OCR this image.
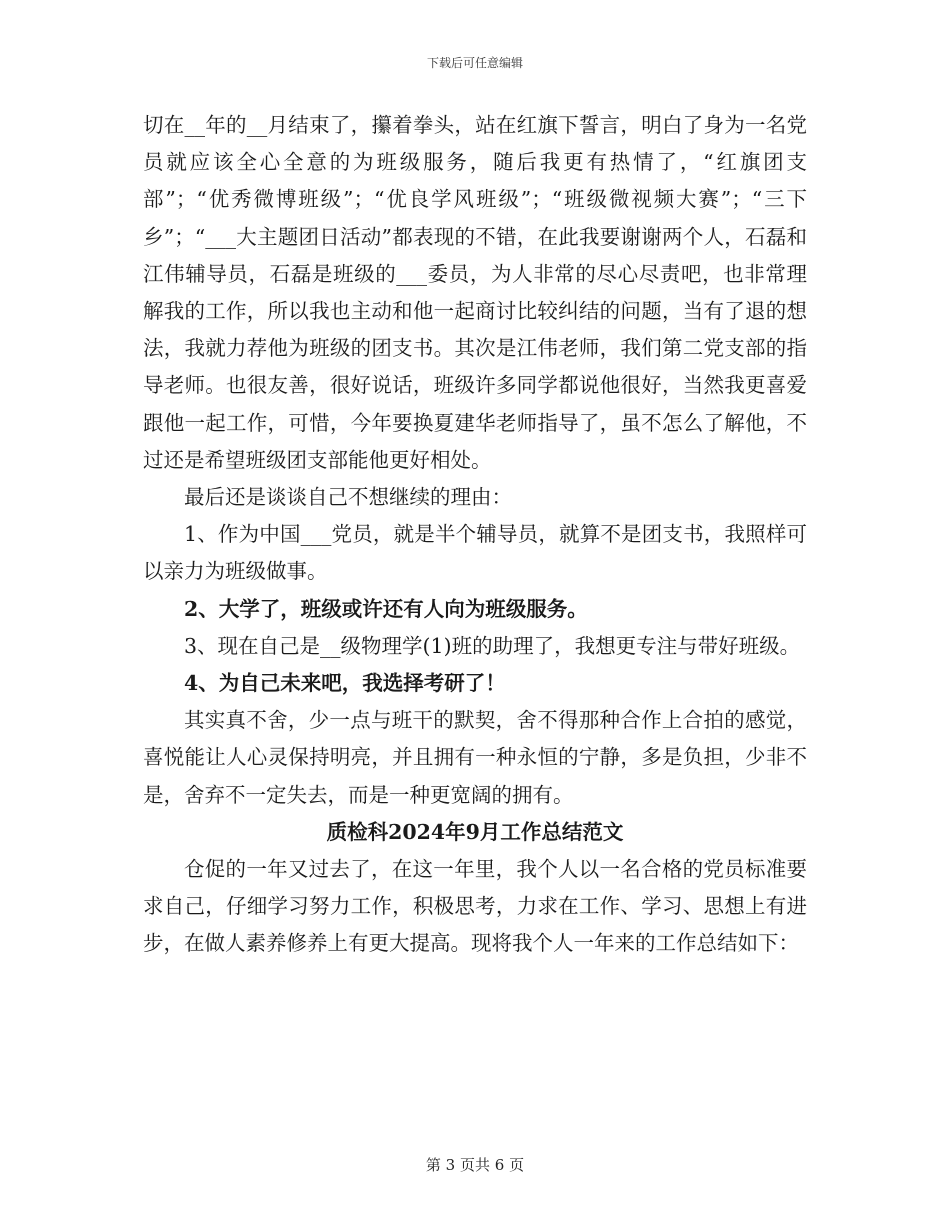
下载后可任意编辑

切在__年的__月结束了，攥着拳头，站在红旗下誓言，明白了身为一名党员就应该全心全意的为班级服务，随后我更有热情了，“红旗团支部”；“优秀微博班级”；“优良学风班级”；“班级微视频大赛”；“三下乡”；“___大主题团日活动”都表现的不错，在此我要谢谢两个人，石磊和江伟辅导员，石磊是班级的___委员，为人非常的尽心尽责吧，也非常理解我的工作，所以我也主动和他一起商讨比较纠结的问题，当有了退的想法，我就力荐他为班级的团支书。其次是江伟老师，我们第二党支部的指导老师。也很友善，很好说话，班级许多同学都说他很好，当然我更喜爱跟他一起工作，可惜，今年要换夏建华老师指导了，虽不怎么了解他，不过还是希望班级团支部能他更好相处。

最后还是谈谈自己不想继续的理由：

1、作为中国___党员，就是半个辅导员，就算不是团支书，我照样可以亲力为班级做事。

2、大学了，班级或许还有人向为班级服务。

3、现在自己是__级物理学(1)班的助理了，我想更专注与带好班级。

4、为自己未来吧，我选择考研了！

其实真不舍，少一点与班干的默契，舍不得那种合作上合拍的感觉，喜悦能让人心灵保持明亮，并且拥有一种永恒的宁静，多是负担，少非不是，舍弃不一定失去，而是一种更宽阔的拥有。

质检科2024年9月工作总结范文

仓促的一年又过去了，在这一年里，我个人以一名合格的党员标准要求自己，仔细学习努力工作，积极思考，力求在工作、学习、思想上有进步，在做人素养修养上有更大提高。现将我个人一年来的工作总结如下：

第 3 页共 6 页
